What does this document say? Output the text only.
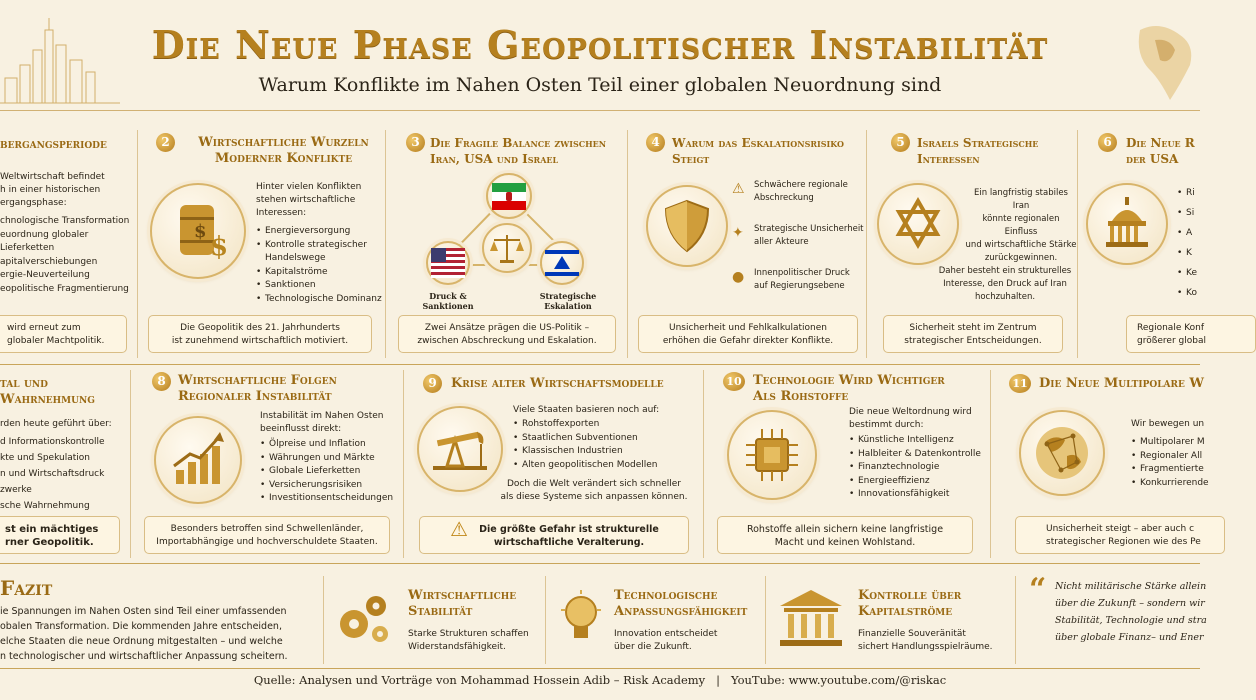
Die Neue Phase Geopolitischer Instabilität
Warum Konflikte im Nahen Osten Teil einer globalen Neuordnung sind
bergangsperiode
Weltwirtschaft befindet
h in einer historischen
ergangsphase:
• chnologische Transformation
• euordnung globaler Lieferketten
• apitalverschiebungen
• ergie-Neuverteilung
• eopolitische Fragmentierung
wird erneut zum
globaler Machtpolitik.
2	Wirtschaftliche Wurzeln
Moderner Konflikte
$
$
Hinter vielen Konflikten
stehen wirtschaftliche
Interessen:
• Energieversorgung
• Kontrolle strategischer Handelswege
• Kapitalströme
• Sanktionen
• Technologische Dominanz
Die Geopolitik des 21. Jahrhunderts
ist zunehmend wirtschaftlich motiviert.
3 Die Fragile Balance zwischen
Iran, USA und Israel
Druck &
Sanktionen
Strategische
Eskalation
Zwei Ansätze prägen die US-Politik –
zwischen Abschreckung und Eskalation.
4	Warum das Eskalationsrisiko
Steigt
⚠ Schwächere regionale
Abschreckung
✦ Strategische Unsicherheit
aller Akteure
● Innenpolitischer Druck
auf Regierungsebene
Unsicherheit und Fehlkalkulationen
erhöhen die Gefahr direkter Konflikte.
5	Israels Strategische
Interessen
Ein langfristig stabiles Iran
könnte regionalen Einfluss
und wirtschaftliche Stärke
zurückgewinnen.
Daher besteht ein strukturelles
Interesse, den Druck auf Iran
hochzuhalten.
Sicherheit steht im Zentrum
strategischer Entscheidungen.
6	Die Neue R
der USA
• Ri
• Si
• A
• K
• Ke
• Ko
Regionale Konf
größerer global
tal und
Wahrnehmung
rden heute geführt über:
• d Informationskontrolle
• kte und Spekulation
• n und Wirtschaftsdruck
• zwerke
• sche Wahrnehmung
st ein mächtiges
rner Geopolitik.
8 Wirtschaftliche Folgen
Regionaler Instabilität
Instabilität im Nahen Osten
beeinflusst direkt:
• Ölpreise und Inflation
• Währungen und Märkte
• Globale Lieferketten
• Versicherungsrisiken
• Investitionsentscheidungen
Besonders betroffen sind Schwellenländer,
Importabhängige und hochverschuldete Staaten.
9	Krise alter Wirtschaftsmodelle
Viele Staaten basieren noch auf:
• Rohstoffexporten
• Staatlichen Subventionen
• Klassischen Industrien
• Alten geopolitischen Modellen
Doch die Welt verändert sich schneller
als diese Systeme sich anpassen können.
⚠	Die größte Gefahr ist strukturelle
wirtschaftliche Veralterung.
10 Technologie Wird Wichtiger
Als Rohstoffe
Die neue Weltordnung wird
bestimmt durch:
• Künstliche Intelligenz
• Halbleiter & Datenkontrolle
• Finanztechnologie
• Energieeffizienz
• Innovationsfähigkeit
Rohstoffe allein sichern keine langfristige
Macht und keinen Wohlstand.
11 Die Neue Multipolare W
Wir bewegen un
• Multipolarer M
• Regionaler All
• Fragmentierte
• Konkurrierende
Unsicherheit steigt – aber auch c
strategischer Regionen wie des Pe
Fazit
ie Spannungen im Nahen Osten sind Teil einer umfassenden
obalen Transformation. Die kommenden Jahre entscheiden,
elche Staaten die neue Ordnung mitgestalten – und welche
n technologischer und wirtschaftlicher Anpassung scheitern.
Wirtschaftliche
Stabilität
Starke Strukturen schaffen
Widerstandsfähigkeit.
Technologische
Anpassungsfähigkeit
Innovation entscheidet
über die Zukunft.
Kontrolle über
Kapitalströme
Finanzielle Souveränität
sichert Handlungsspielräume.
“ Nicht militärische Stärke allein
über die Zukunft – sondern wir
Stabilität, Technologie und stra
über globale Finanz– und Ener
Quelle: Analysen und Vorträge von Mohammad Hossein Adib – Risk Academy   |   YouTube: www.youtube.com/@riskac
